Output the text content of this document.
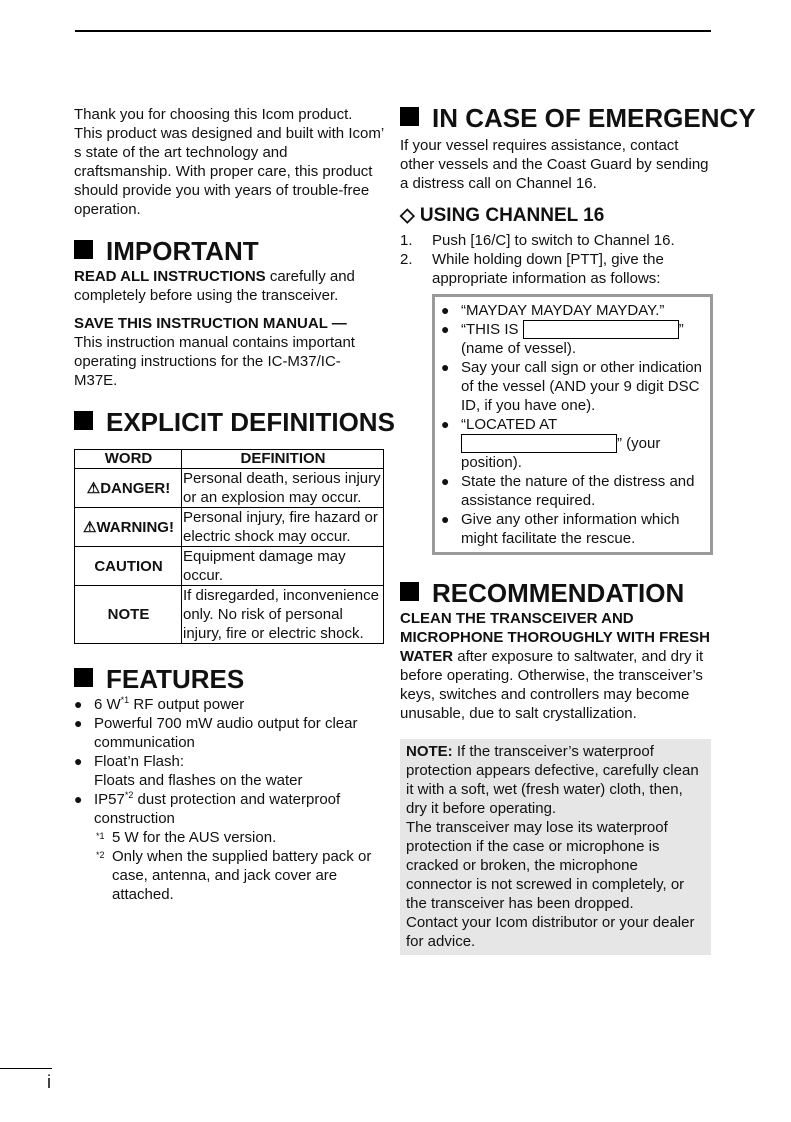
Thank you for choosing this Icom product. This product was designed and built with Icom’ s state of the art technology and craftsmanship. With proper care, this product should provide you with years of trouble-free operation.

IMPORTANT

READ ALL INSTRUCTIONS carefully and completely before using the transceiver.

SAVE THIS INSTRUCTION MANUAL —
This instruction manual contains important operating instructions for the IC-M37/IC-M37E.

EXPLICIT DEFINITIONS
WORD	DEFINITION
⚠DANGER!	Personal death, serious injury or an explosion may occur.
⚠WARNING!	Personal injury, fire hazard or electric shock may occur.
CAUTION	Equipment damage may occur.
NOTE	If disregarded, inconvenience only. No risk of personal injury, fire or electric shock.
FEATURES
● 6 $W^{*1}$ RF output power
● Powerful 700 mW audio output for clear communication
● Float’n Flash:
Floats and flashes on the water
● IP57$^{*2}$ dust protection and waterproof construction
*1 5 W for the AUS version.
*2 Only when the supplied battery pack or case, antenna, and jack cover are attached.
IN CASE OF EMERGENCY

If your vessel requires assistance, contact other vessels and the Coast Guard by sending a distress call on Channel 16.

◇ USING CHANNEL 16
1. Push [16/C] to switch to Channel 16.
2. While holding down [PTT], give the appropriate information as follows:
● “MAYDAY MAYDAY MAYDAY.”
● “THIS IS	”
(name of vessel).
● Say your call sign or other indication of the vessel (AND your 9 digit DSC ID, if you have one).
● “LOCATED AT
” (your position).
● State the nature of the distress and assistance required.
● Give any other information which might facilitate the rescue.
RECOMMENDATION

CLEAN THE TRANSCEIVER AND MICROPHONE THOROUGHLY WITH FRESH WATER after exposure to saltwater, and dry it before operating. Otherwise, the transceiver’s keys, switches and controllers may become unusable, due to salt crystallization.

NOTE: If the transceiver’s waterproof protection appears defective, carefully clean it with a soft, wet (fresh water) cloth, then, dry it before operating.

The transceiver may lose its waterproof protection if the case or microphone is cracked or broken, the microphone connector is not screwed in completely, or the transceiver has been dropped.

Contact your Icom distributor or your dealer for advice.

i
